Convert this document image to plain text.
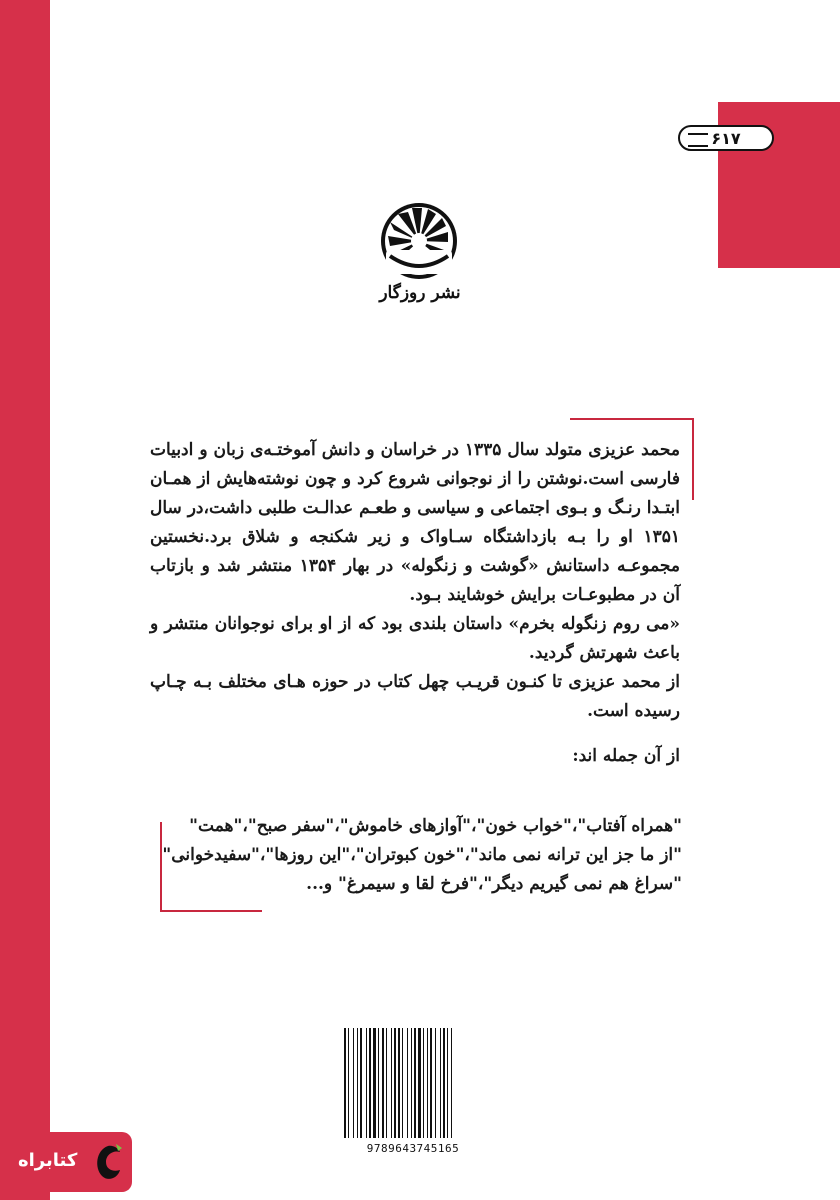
۶۱۷
نشر روزگار

محمد عزیزی متولد سال ۱۳۳۵ در خراسان و دانش آموختـه‌ی زبان و ادبیات فارسی است.نوشتن را از نوجوانی شروع کرد و چون نوشته‌هایش از همـان ابتـدا رنـگ و بـوی اجتماعی و سیاسی و طعـم عدالـت طلبی داشت،در سال ۱۳۵۱ او را بـه بازداشتگاه سـاواک و زیر شکنجه و شلاق برد.نخستین مجموعـه داستانش «گوشت و زنگوله» در بهار ۱۳۵۴ منتشر شد و بازتاب آن در مطبوعـات برایش خوشایند بـود.

«می روم زنگوله بخرم» داستان بلندی بود که از او برای نوجوانان منتشر و باعث شهرتش گردید.

از محمد عزیزی تا کنـون قریـب چهل کتاب در حوزه‌ هـای مختلف بـه چـاپ رسیده است.

از آن جمله اند:

"همراه آفتاب"،"خواب خون"،"آوازهای خاموش"،"سفر صبح"،"همت"

"از ما جز این ترانه نمی ماند"،"خون کبوتران"،"این روزها"،"سفیدخوانی"

"سراغ هم نمی گیریم دیگر"،"فرخ لقا و سیمرغ" و...

9789643745165
کتابراه
